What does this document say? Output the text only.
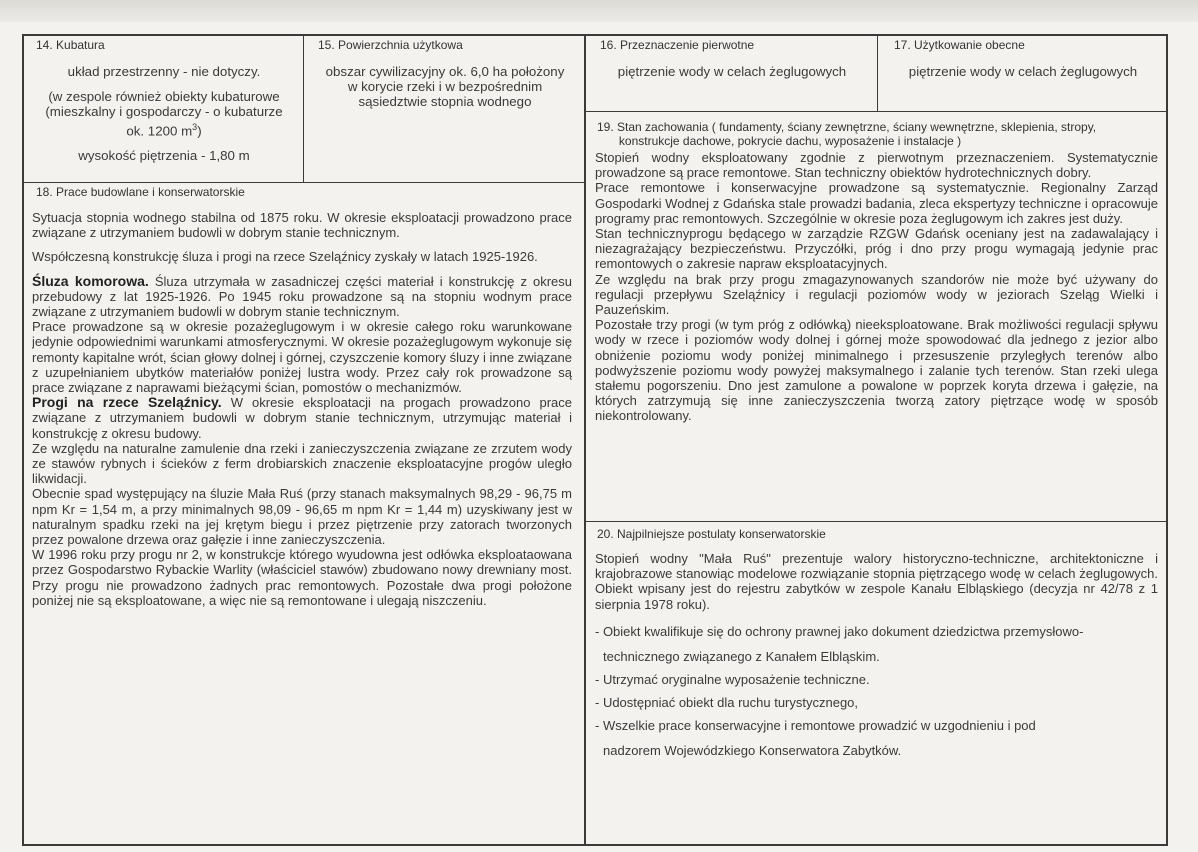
14. Kubatura

układ przestrzenny - nie dotyczy.

(w zespole również obiekty kubaturowe

(mieszkalny i gospodarczy - o kubaturze

ok. 1200 $m^3$)

wysokość piętrzenia - 1,80 m

15. Powierzchnia użytkowa

obszar cywilizacyjny ok. 6,0 ha położony

w korycie rzeki i w bezpośrednim

sąsiedztwie stopnia wodnego

16. Przeznaczenie pierwotne
piętrzenie wody w celach żeglugowych
17. Użytkowanie obecne
piętrzenie wody w celach żeglugowych
18. Prace budowlane i konserwatorskie

Sytuacja stopnia wodnego stabilna od 1875 roku. W okresie eksploatacji prowadzono prace związane z utrzymaniem budowli w dobrym stanie technicznym.

Współczesną konstrukcję śluza i progi na rzece Szeląźnicy zyskały w latach 1925-1926.

Śluza komorowa. Śluza utrzymała w zasadniczej części materiał i konstrukcję z okresu przebudowy z lat 1925-1926. Po 1945 roku prowadzone są na stopniu wodnym prace związane z utrzymaniem budowli w dobrym stanie technicznym.

Prace prowadzone są w okresie pozażeglugowym i w okresie całego roku warunkowane jedynie odpowiednimi warunkami atmosferycznymi. W okresie pozażeglugowym wykonuje się remonty kapitalne wrót, ścian głowy dolnej i górnej, czyszczenie komory śluzy i inne związane z uzupełnianiem ubytków materiałów poniżej lustra wody. Przez cały rok prowadzone są prace związane z naprawami bieżącymi ścian, pomostów o mechanizmów.

Progi na rzece Szeląźnicy. W okresie eksploatacji na progach prowadzono prace związane z utrzymaniem budowli w dobrym stanie technicznym, utrzymując materiał i konstrukcję z okresu budowy.

Ze względu na naturalne zamulenie dna rzeki i zanieczyszczenia związane ze zrzutem wody ze stawów rybnych i ścieków z ferm drobiarskich znaczenie eksploatacyjne progów uległo likwidacji.

Obecnie spad występujący na śluzie Mała Ruś (przy stanach maksymalnych 98,29 - 96,75 m npm Kr = 1,54 m, a przy minimalnych 98,09 - 96,65 m npm Kr = 1,44 m) uzyskiwany jest w naturalnym spadku rzeki na jej krętym biegu i przez piętrzenie przy zatorach tworzonych przez powalone drzewa oraz gałęzie i inne zanieczyszczenia.

W 1996 roku przy progu nr 2, w konstrukcje którego wyudowna jest odłówka eksploataowana przez Gospodarstwo Rybackie Warlity (właściciel stawów) zbudowano nowy drewniany most. Przy progu nie prowadzono żadnych prac remontowych. Pozostałe dwa progi położone poniżej nie są eksploatowane, a więc nie są remontowane i ulegają niszczeniu.

19. Stan zachowania ( fundamenty, ściany zewnętrzne, ściany wewnętrzne, sklepienia, stropy,

konstrukcje dachowe, pokrycie dachu, wyposażenie i instalacje )

Stopień wodny eksploatowany zgodnie z pierwotnym przeznaczeniem. Systematycznie prowadzone są prace remontowe. Stan techniczny obiektów hydrotechnicznych dobry.

Prace remontowe i konserwacyjne prowadzone są systematycznie. Regionalny Zarząd Gospodarki Wodnej z Gdańska stale prowadzi badania, zleca ekspertyzy techniczne i opracowuje programy prac remontowych. Szczególnie w okresie poza żeglugowym ich zakres jest duży.

Stan technicznyprogu będącego w zarządzie RZGW Gdańsk oceniany jest na zadawalający i niezagrażający bezpieczeństwu. Przyczółki, próg i dno przy progu wymagają jedynie prac remontowych o zakresie napraw eksploatacyjnych.

Ze względu na brak przy progu zmagazynowanych szandorów nie może być używany do regulacji przepływu Szeląźnicy i regulacji poziomów wody w jeziorach Szeląg Wielki i Pauzeńskim.

Pozostałe trzy progi (w tym próg z odłówką) nieeksploatowane. Brak możliwości regulacji spływu wody w rzece i poziomów wody dolnej i górnej może spowodować dla jednego z jezior albo obniżenie poziomu wody poniżej minimalnego i przesuszenie przyległych terenów albo podwyższenie poziomu wody powyżej maksymalnego i zalanie tych terenów. Stan rzeki ulega stałemu pogorszeniu. Dno jest zamulone a powalone w poprzek koryta drzewa i gałęzie, na których zatrzymują się inne zanieczyszczenia tworzą zatory piętrzące wodę w sposób niekontrolowany.

20. Najpilniejsze postulaty konserwatorskie

Stopień wodny "Mała Ruś" prezentuje walory historyczno-techniczne, architektoniczne i krajobrazowe stanowiąc modelowe rozwiązanie stopnia piętrzącego wodę w celach żeglugowych. Obiekt wpisany jest do rejestru zabytków w zespole Kanału Elbląskiego (decyzja nr 42/78 z 1 sierpnia 1978 roku).

- Obiekt kwalifikuje się do ochrony prawnej jako dokument dziedzictwa przemysłowo-

technicznego związanego z Kanałem Elbląskim.

- Utrzymać oryginalne wyposażenie techniczne.

- Udostępniać obiekt dla ruchu turystycznego,

- Wszelkie prace konserwacyjne i remontowe prowadzić w uzgodnieniu i pod

nadzorem Wojewódzkiego Konserwatora Zabytków.
